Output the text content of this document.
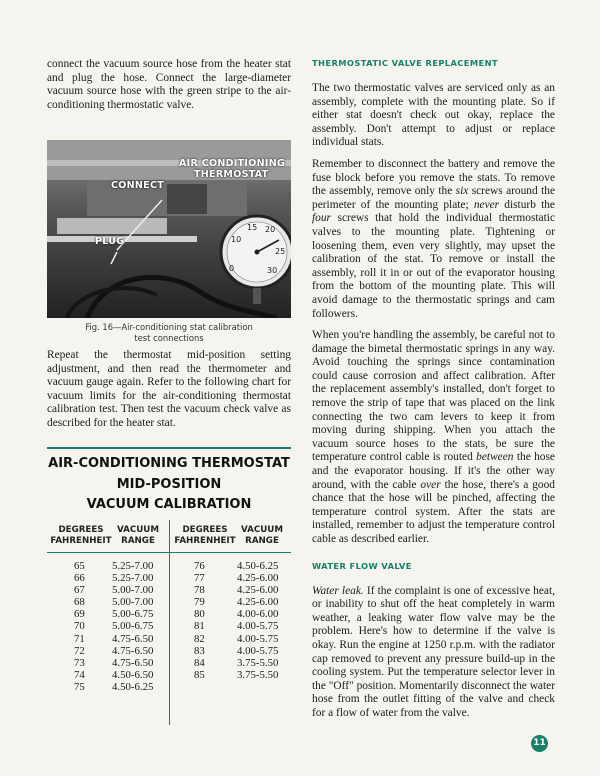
connect the vacuum source hose from the heater stat and plug the hose. Connect the large-diameter vacuum source hose with the green stripe to the air-conditioning thermostatic valve.

0
10
15 20
25
30
AIR CONDITIONING
THERMOSTAT
CONNECT
PLUG
Fig. 16—Air-conditioning stat calibration
test connections

Repeat the thermostat mid-position setting adjustment, and then read the thermometer and vacuum gauge again. Refer to the following chart for vacuum limits for the air-conditioning thermostat calibration test. Then test the vacuum check valve as described for the heater stat.

AIR-CONDITIONING THERMOSTAT
MID-POSITION
VACUUM CALIBRATION
DEGREES
FAHRENHEIT
VACUUM
RANGE
DEGREES
FAHRENHEIT
VACUUM
RANGE
65
66
67
68
69
70
71
72
73
74
75
5.25-7.00
5.25-7.00
5.00-7.00
5.00-7.00
5.00-6.75
5.00-6.75
4.75-6.50
4.75-6.50
4.75-6.50
4.50-6.50
4.50-6.25
76
77
78
79
80
81
82
83
84
85
4.50-6.25
4.25-6.00
4.25-6.00
4.25-6.00
4.00-6.00
4.00-5.75
4.00-5.75
4.00-5.75
3.75-5.50
3.75-5.50
THERMOSTATIC VALVE REPLACEMENT

The two thermostatic valves are serviced only as an assembly, complete with the mounting plate. So if either stat doesn't check out okay, replace the assembly. Don't attempt to adjust or replace individual stats.

Remember to disconnect the battery and remove the fuse block before you remove the stats. To remove the assembly, remove only the six screws around the perimeter of the mounting plate; never disturb the four screws that hold the individual thermostatic valves to the mounting plate. Tightening or loosening them, even very slightly, may upset the calibration of the stat. To remove or install the assembly, roll it in or out of the evaporator housing from the bottom of the mounting plate. This will avoid damage to the thermostatic springs and cam followers.

When you're handling the assembly, be careful not to damage the bimetal thermostatic springs in any way. Avoid touching the springs since contamination could cause corrosion and affect calibration. After the replacement assembly's installed, don't forget to remove the strip of tape that was placed on the link connecting the two cam levers to keep it from moving during shipping. When you attach the vacuum source hoses to the stats, be sure the temperature control cable is routed between the hose and the evaporator housing. If it's the other way around, with the cable over the hose, there's a good chance that the hose will be pinched, affecting the temperature control system. After the stats are installed, remember to adjust the temperature control cable as described earlier.

WATER FLOW VALVE

Water leak. If the complaint is one of excessive heat, or inability to shut off the heat completely in warm weather, a leaking water flow valve may be the problem. Here's how to determine if the valve is okay. Run the engine at 1250 r.p.m. with the radiator cap removed to prevent any pressure build-up in the cooling system. Put the temperature selector lever in the "Off" position. Momentarily disconnect the water hose from the outlet fitting of the valve and check for a flow of water from the valve.

11
